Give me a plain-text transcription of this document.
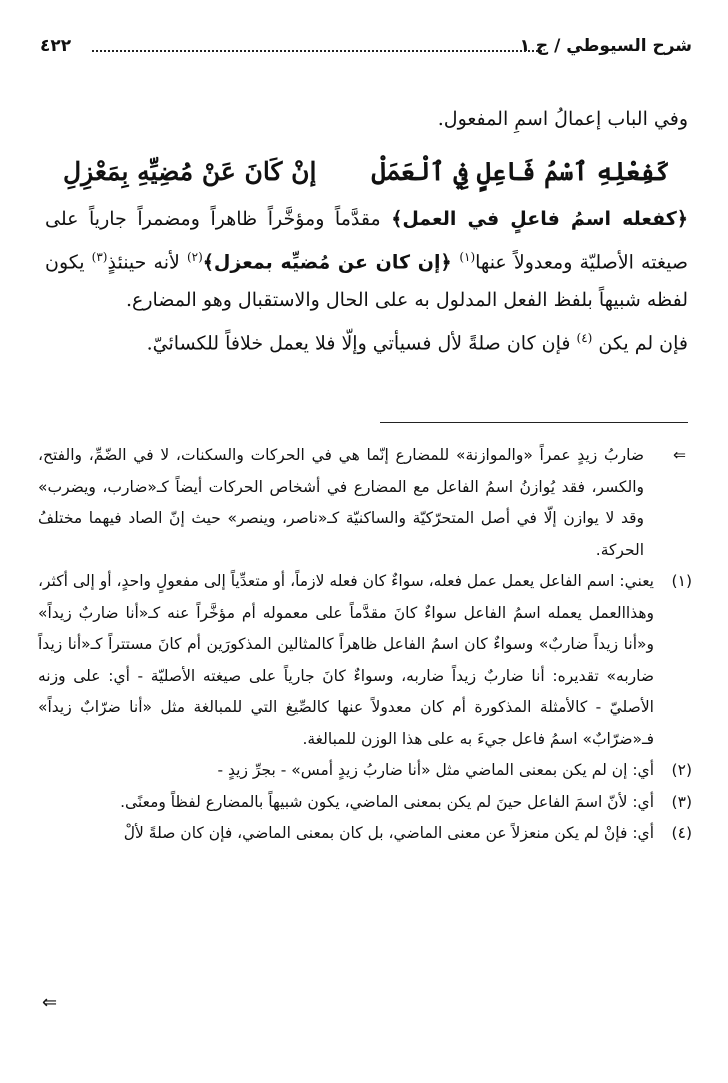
شرح السيوطي / ج ١
٤٢٢

وفي الباب إعمالُ اسمِ المفعول.

كَفِعْلِهِ ٱسْمُ فَاعِلٍ فِي ٱلْعَمَلْ
إنْ كَانَ عَنْ مُضِيِّهِ بِمَعْزِلِ

﴿كفعله اسمُ فاعلٍ في العمل﴾ مقدَّماً ومؤخَّراً ظاهراً ومضمراً جارياً على صيغته الأصليّة ومعدولاً عنها$^{(١)}$ ﴿إن كان عن مُضيِّه بمعزل﴾$^{(٢)}$ لأنه حينئذٍ$^{(٣)}$ يكون لفظه شبيهاً بلفظ الفعل المدلول به على الحال والاستقبال وهو المضارع.

فإن لم يكن $^{(٤)}$ فإن كان صلةً لأل فسيأتي وإلّا فلا يعمل خلافاً للكسائيّ.

⇐
ضاربُ زيدٍ عمراً «والموازنة» للمضارع إنّما هي في الحركات والسكنات، لا في الضّمِّ، والفتح، والكسر، فقد يُوازنُ اسمُ الفاعل مع المضارع في أشخاص الحركات أيضاً كـ«ضارب، ويضرب» وقد لا يوازن إلّا في أصل المتحرّكيّة والساكنيّة كـ«ناصر، وينصر» حيث إنّ الصاد فيهما مختلفُ الحركة.

(١)
يعني: اسم الفاعل يعمل عمل فعله، سواءٌ كان فعله لازماً، أو متعدِّياً إلى مفعولٍ واحدٍ، أو إلى أكثر، وهذاالعمل يعمله اسمُ الفاعل سواءٌ كانَ مقدَّماً على معموله أم مؤخَّراً عنه كـ«أنا ضاربٌ زيداً» و«أنا زيداً ضاربٌ» وسواءٌ كان اسمُ الفاعل ظاهراً كالمثالين المذكورَين أم كانَ مستتراً كـ«أنا زيداً ضاربه» تقديره: أنا ضاربٌ زيداً ضاربه، وسواءٌ كانَ جارياً على صيغته الأصليّة - أي: على وزنه الأصليّ - كالأمثلة المذكورة أم كان معدولاً عنها كالصِّيغ التي للمبالغة مثل «أنا ضرّابٌ زيداً» فـ«ضرّابٌ» اسمُ فاعل جيءَ به على هذا الوزن للمبالغة.

(٢)
أي: إن لم يكن بمعنى الماضي مثل «أنا ضاربُ زيدٍ أمس» - بجرِّ زيدٍ -

(٣)
أي: لأنّ اسمَ الفاعل حينَ لم يكن بمعنى الماضي، يكون شبيهاً بالمضارع لفظاً ومعنًى.

(٤)
أي: فإنْ لم يكن منعزلاً عن معنى الماضي، بل كان بمعنى الماضي، فإن كان صلةً لألْ

⇐
